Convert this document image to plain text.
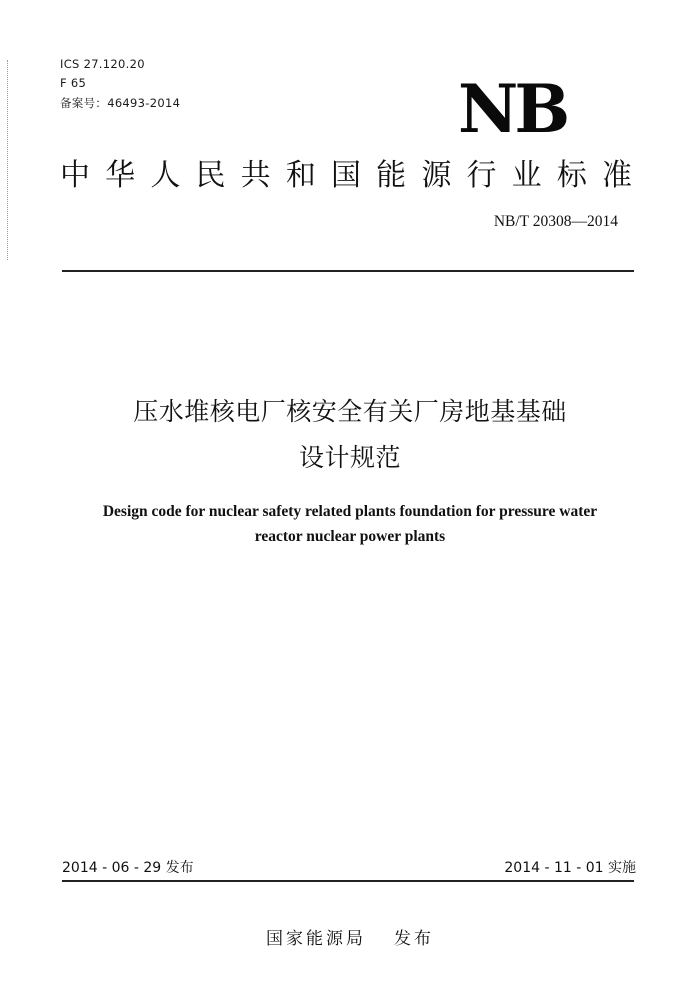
ICS 27.120.20
F 65
备案号：46493-2014	NB
中华人民共和国能源行业标准
NB/T 20308—2014
压水堆核电厂核安全有关厂房地基基础
设计规范
Design code for nuclear safety related plants foundation for pressure water
reactor nuclear power plants
2014 - 06 - 29 发布	2014 - 11 - 01 实施
国家能源局 发布
